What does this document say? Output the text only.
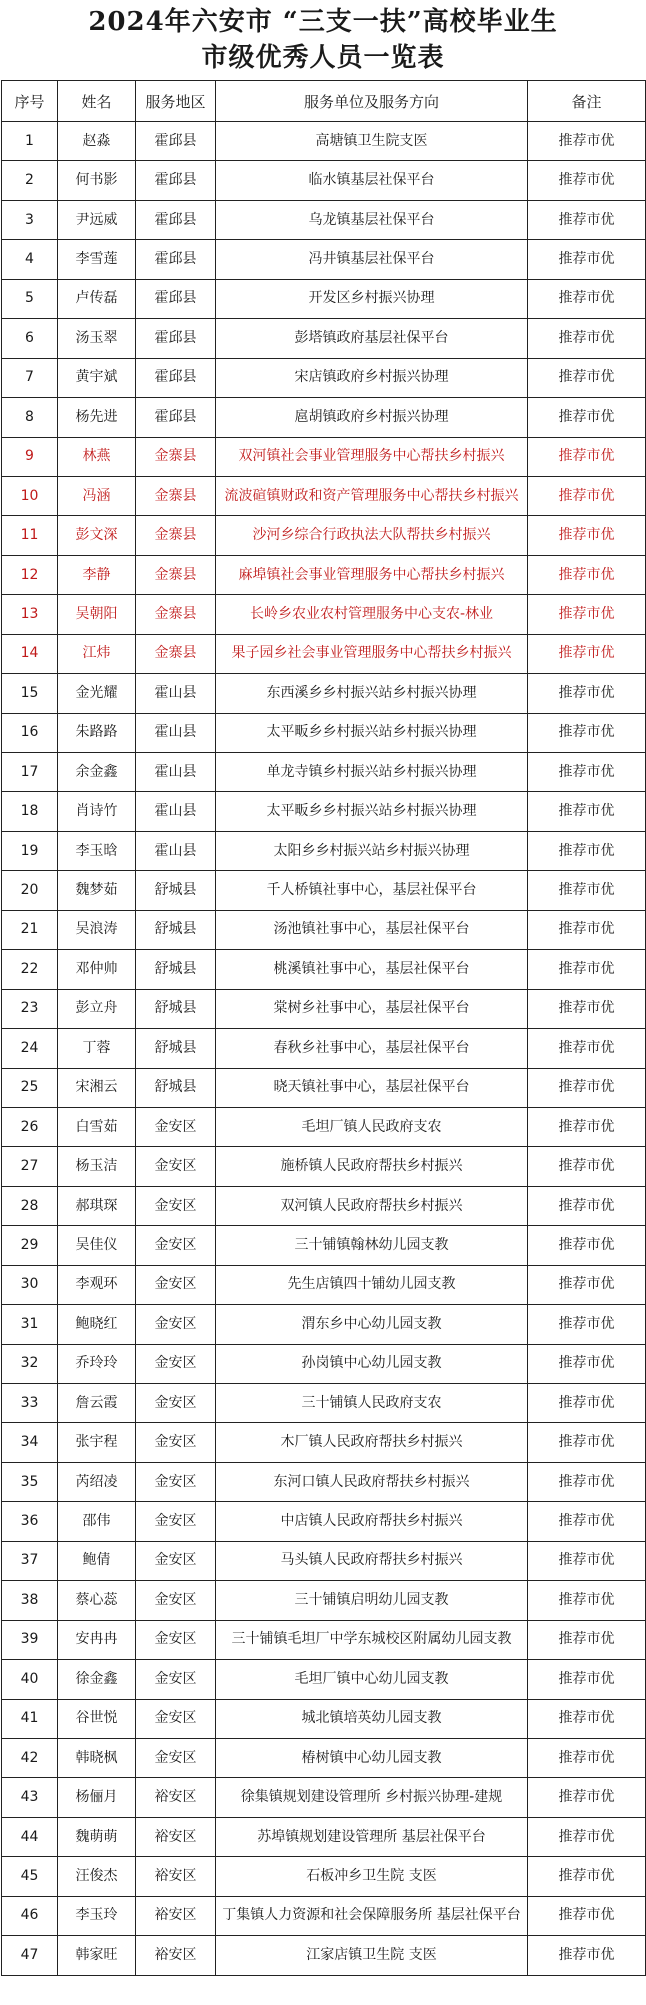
2024年六安市 “三支一扶”高校毕业生
市级优秀人员一览表
序号	姓名	服务地区	服务单位及服务方向	备注
1	赵淼	霍邱县	高塘镇卫生院支医	推荐市优
2	何书影	霍邱县	临水镇基层社保平台	推荐市优
3	尹远威	霍邱县	乌龙镇基层社保平台	推荐市优
4	李雪莲	霍邱县	冯井镇基层社保平台	推荐市优
5	卢传磊	霍邱县	开发区乡村振兴协理	推荐市优
6	汤玉翠	霍邱县	彭塔镇政府基层社保平台	推荐市优
7	黄宇斌	霍邱县	宋店镇政府乡村振兴协理	推荐市优
8	杨先进	霍邱县	扈胡镇政府乡村振兴协理	推荐市优
9	林燕	金寨县	双河镇社会事业管理服务中心帮扶乡村振兴	推荐市优
10	冯涵	金寨县	流波碹镇财政和资产管理服务中心帮扶乡村振兴	推荐市优
11	彭文深	金寨县	沙河乡综合行政执法大队帮扶乡村振兴	推荐市优
12	李静	金寨县	麻埠镇社会事业管理服务中心帮扶乡村振兴	推荐市优
13	吴朝阳	金寨县	长岭乡农业农村管理服务中心支农-林业	推荐市优
14	江炜	金寨县	果子园乡社会事业管理服务中心帮扶乡村振兴	推荐市优
15	金光耀	霍山县	东西溪乡乡村振兴站乡村振兴协理	推荐市优
16	朱路路	霍山县	太平畈乡乡村振兴站乡村振兴协理	推荐市优
17	余金鑫	霍山县	单龙寺镇乡村振兴站乡村振兴协理	推荐市优
18	肖诗竹	霍山县	太平畈乡乡村振兴站乡村振兴协理	推荐市优
19	李玉晗	霍山县	太阳乡乡村振兴站乡村振兴协理	推荐市优
20	魏梦茹	舒城县	千人桥镇社事中心，基层社保平台	推荐市优
21	吴浪涛	舒城县	汤池镇社事中心，基层社保平台	推荐市优
22	邓仲帅	舒城县	桃溪镇社事中心，基层社保平台	推荐市优
23	彭立舟	舒城县	棠树乡社事中心，基层社保平台	推荐市优
24	丁蓉	舒城县	春秋乡社事中心，基层社保平台	推荐市优
25	宋湘云	舒城县	晓天镇社事中心，基层社保平台	推荐市优
26	白雪茹	金安区	毛坦厂镇人民政府支农	推荐市优
27	杨玉洁	金安区	施桥镇人民政府帮扶乡村振兴	推荐市优
28	郝琪琛	金安区	双河镇人民政府帮扶乡村振兴	推荐市优
29	吴佳仪	金安区	三十铺镇翰林幼儿园支教	推荐市优
30	李观环	金安区	先生店镇四十铺幼儿园支教	推荐市优
31	鲍晓红	金安区	渭东乡中心幼儿园支教	推荐市优
32	乔玲玲	金安区	孙岗镇中心幼儿园支教	推荐市优
33	詹云霞	金安区	三十铺镇人民政府支农	推荐市优
34	张宇程	金安区	木厂镇人民政府帮扶乡村振兴	推荐市优
35	芮绍凌	金安区	东河口镇人民政府帮扶乡村振兴	推荐市优
36	邵伟	金安区	中店镇人民政府帮扶乡村振兴	推荐市优
37	鲍倩	金安区	马头镇人民政府帮扶乡村振兴	推荐市优
38	蔡心蕊	金安区	三十铺镇启明幼儿园支教	推荐市优
39	安冉冉	金安区	三十铺镇毛坦厂中学东城校区附属幼儿园支教	推荐市优
40	徐金鑫	金安区	毛坦厂镇中心幼儿园支教	推荐市优
41	谷世悦	金安区	城北镇培英幼儿园支教	推荐市优
42	韩晓枫	金安区	椿树镇中心幼儿园支教	推荐市优
43	杨俪月	裕安区	徐集镇规划建设管理所 乡村振兴协理-建规	推荐市优
44	魏萌萌	裕安区	苏埠镇规划建设管理所 基层社保平台	推荐市优
45	汪俊杰	裕安区	石板冲乡卫生院 支医	推荐市优
46	李玉玲	裕安区	丁集镇人力资源和社会保障服务所 基层社保平台	推荐市优
47	韩家旺	裕安区	江家店镇卫生院 支医	推荐市优
